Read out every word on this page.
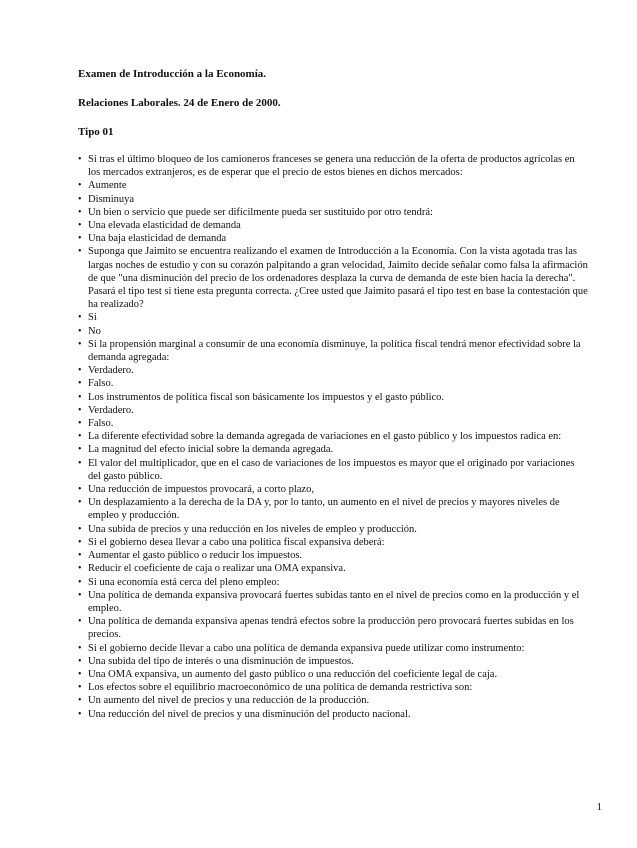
Examen de Introducción a la Economía.

Relaciones Laborales. 24 de Enero de 2000.

Tipo 01

• Si tras el último bloqueo de los camioneros franceses se genera una reducción de la oferta de productos agrícolas en los mercados extranjeros, es de esperar que el precio de estos bienes en dichos mercados:
• Aumente
• Disminuya
• Un bien o servicio que puede ser difícilmente pueda ser sustituido por otro tendrá:
• Una elevada elasticidad de demanda
• Una baja elasticidad de demanda
• Suponga que Jaimito se encuentra realizando el examen de Introducción a la Economía. Con la vista agotada tras las largas noches de estudio y con su corazón palpitando a gran velocidad, Jaimito decide señalar como falsa la afirmación de que "una disminución del precio de los ordenadores desplaza la curva de demanda de este bien hacia la derecha". Pasará el tipo test si tiene esta pregunta correcta. ¿Cree usted que Jaimito pasará el tipo test en base la contestación que ha realizado?
• Si
• No
• Si la propensión marginal a consumir de una economía disminuye, la política fiscal tendrá menor efectividad sobre la demanda agregada:
• Verdadero.
• Falso.
• Los instrumentos de política fiscal son básicamente los impuestos y el gasto público.
• Verdadero.
• Falso.
• La diferente efectividad sobre la demanda agregada de variaciones en el gasto público y los impuestos radica en:
• La magnitud del efecto inicial sobre la demanda agregada.
• El valor del multiplicador, que en el caso de variaciones de los impuestos es mayor que el originado por variaciones del gasto público.
• Una reducción de impuestos provocará, a corto plazo,
• Un desplazamiento a la derecha de la DA y, por lo tanto, un aumento en el nivel de precios y mayores niveles de empleo y producción.
• Una subida de precios y una reducción en los niveles de empleo y producción.
• Si el gobierno desea llevar a cabo una política fiscal expansiva deberá:
• Aumentar el gasto público o reducir los impuestos.
• Reducir el coeficiente de caja o realizar una OMA expansiva.
• Si una economía está cerca del pleno empleo:
• Una política de demanda expansiva provocará fuertes subidas tanto en el nivel de precios como en la producción y el empleo.
• Una política de demanda expansiva apenas tendrá efectos sobre la producción pero provocará fuertes subidas en los precios.
• Si el gobierno decide llevar a cabo una política de demanda expansiva puede utilizar como instrumento:
• Una subida del tipo de interés o una disminución de impuestos.
• Una OMA expansiva, un aumento del gasto público o una reducción del coeficiente legal de caja.
• Los efectos sobre el equilibrio macroeconómico de una política de demanda restrictiva son:
• Un aumento del nivel de precios y una reducción de la producción.
• Una reducción del nivel de precios y una disminución del producto nacional.
1
